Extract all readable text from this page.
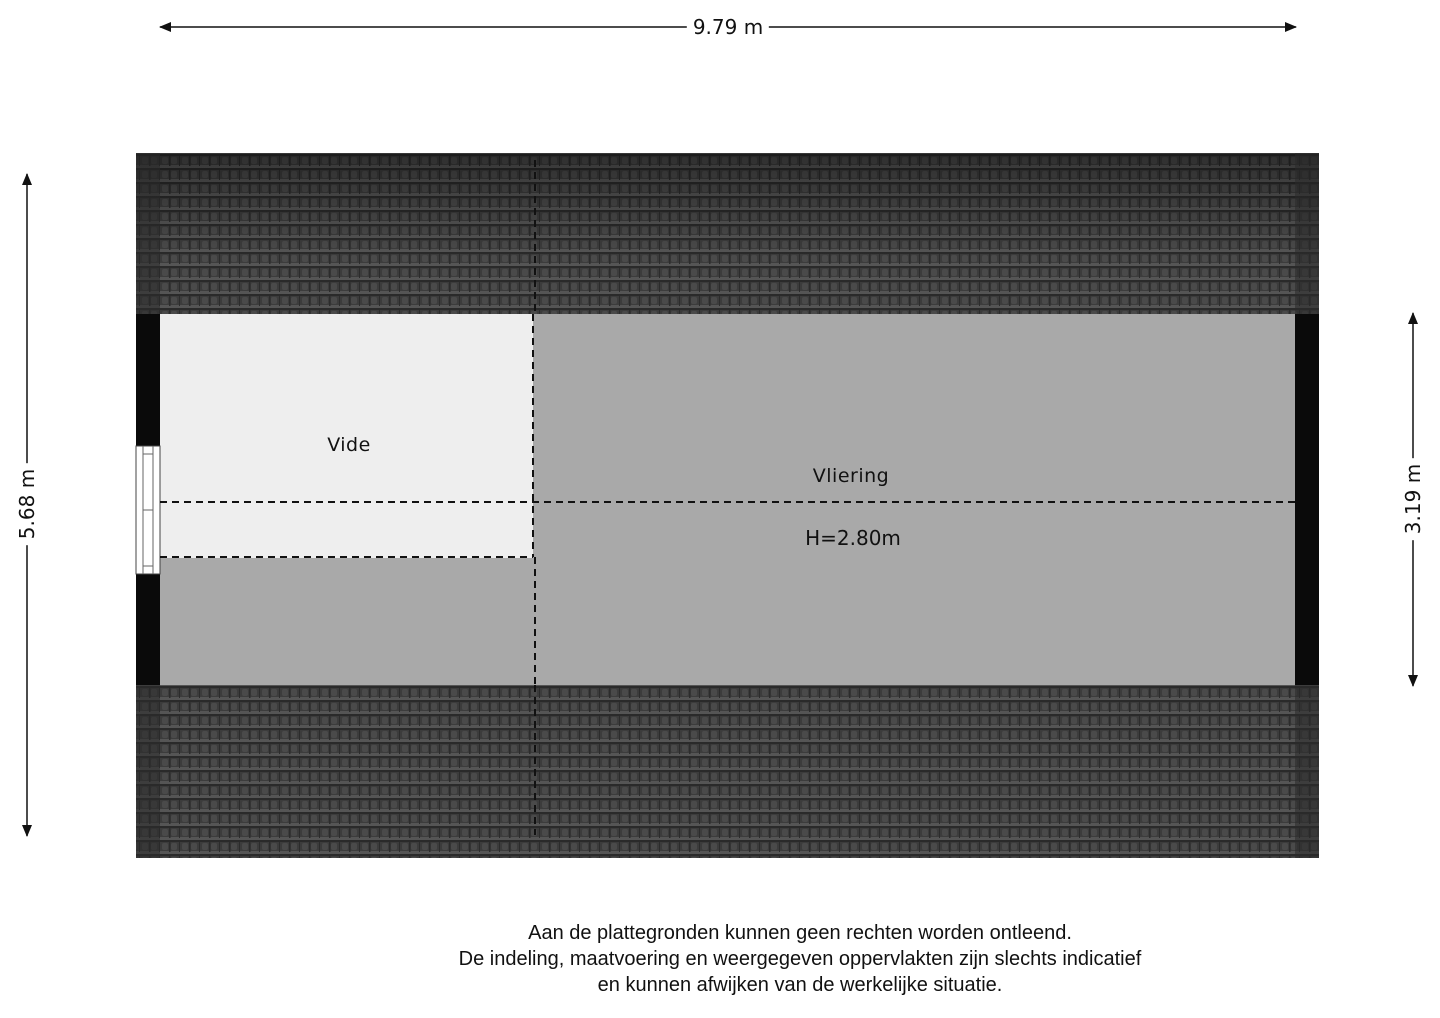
9.79 m
5.68 m	3.19 m
Vide
Vliering
H=2.80m
Aan de plattegronden kunnen geen rechten worden ontleend.
De indeling, maatvoering en weergegeven oppervlakten zijn slechts indicatief
en kunnen afwijken van de werkelijke situatie.
